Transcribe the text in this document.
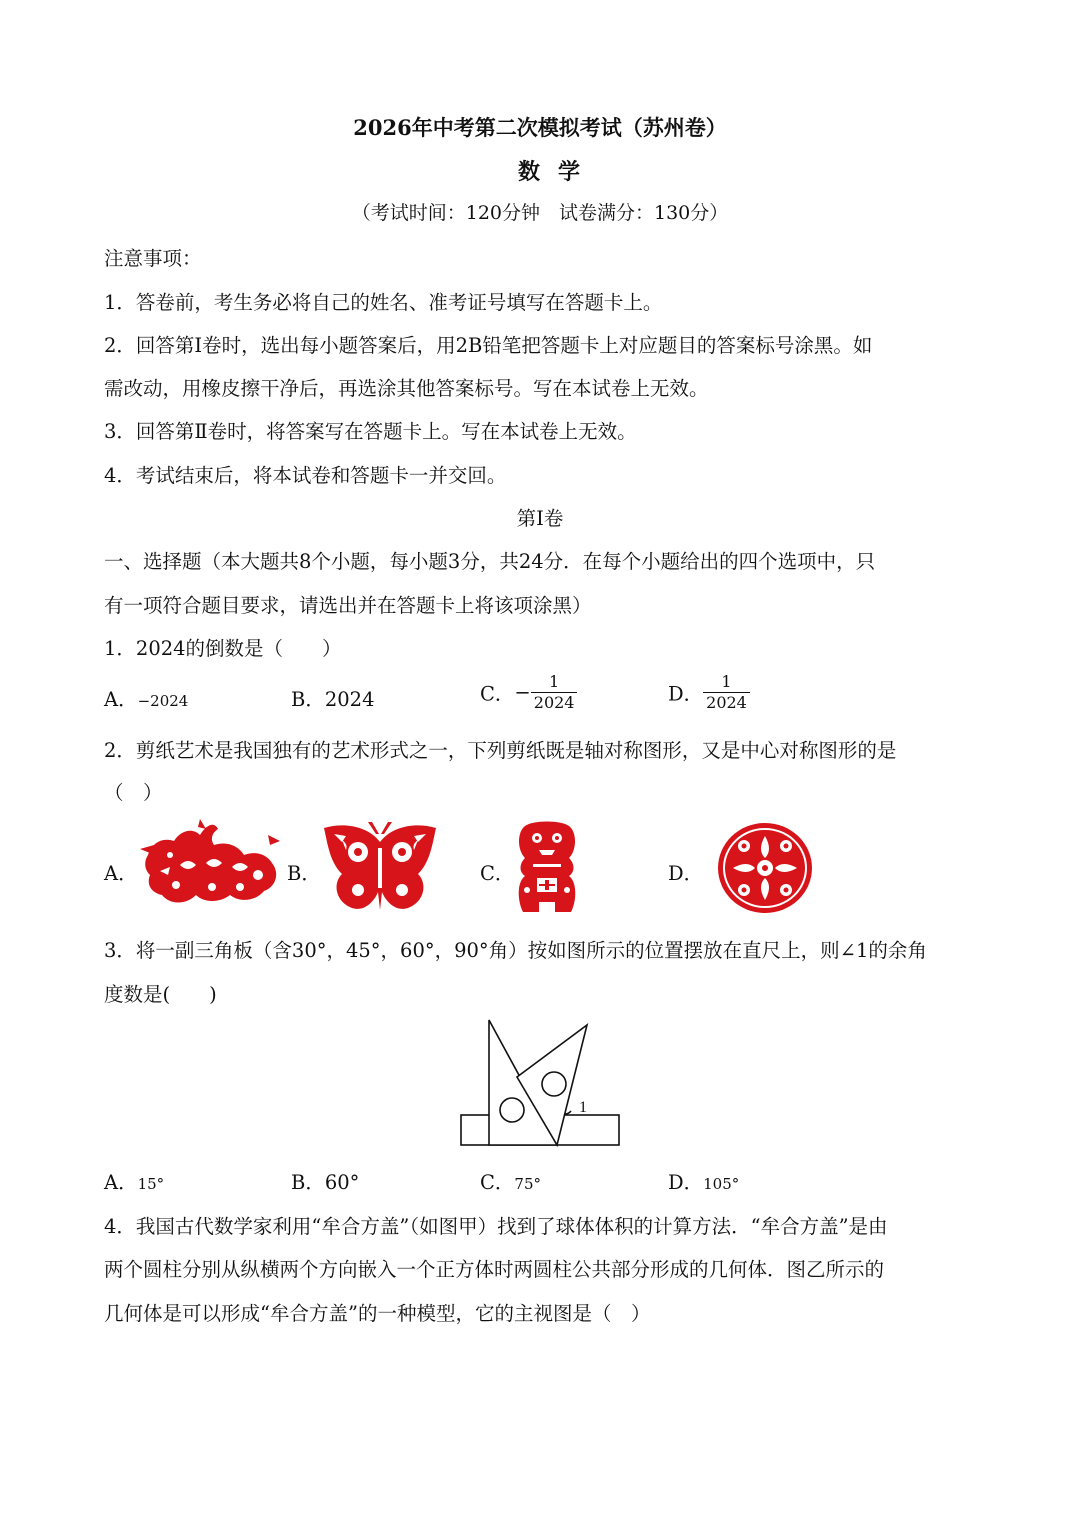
2026年中考第二次模拟考试（苏州卷）
数学
（考试时间：120分钟　试卷满分：130分）
注意事项：
1．答卷前，考生务必将自己的姓名、准考证号填写在答题卡上。
2．回答第Ⅰ卷时，选出每小题答案后，用2B铅笔把答题卡上对应题目的答案标号涂黑。如
需改动，用橡皮擦干净后，再选涂其他答案标号。写在本试卷上无效。
3．回答第Ⅱ卷时，将答案写在答题卡上。写在本试卷上无效。
4．考试结束后，将本试卷和答题卡一并交回。
第Ⅰ卷
一、选择题（本大题共8个小题，每小题3分，共24分．在每个小题给出的四个选项中，只
有一项符合题目要求，请选出并在答题卡上将该项涂黑）
1．2024的倒数是（　　）
A．−2024	B．2024	C．− $\frac{1}{2024}$	D． $\frac{1}{2024}$
2．剪纸艺术是我国独有的艺术形式之一，下列剪纸既是轴对称图形，又是中心对称图形的是
（　）
A．	B．	C．	D．
3．将一副三角板（含30°，45°，60°，90°角）按如图所示的位置摆放在直尺上，则∠1的余角
度数是(　　)
1
A．15°	B．60°	C．75°	D．105°
4．我国古代数学家利用“牟合方盖”（如图甲）找到了球体体积的计算方法．“牟合方盖”是由
两个圆柱分别从纵横两个方向嵌入一个正方体时两圆柱公共部分形成的几何体．图乙所示的
几何体是可以形成“牟合方盖”的一种模型，它的主视图是（　）
